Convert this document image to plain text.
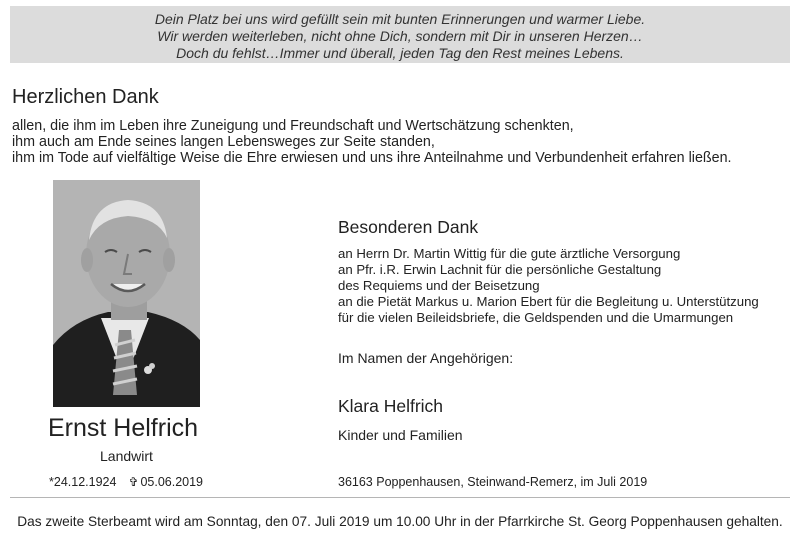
Dein Platz bei uns wird gefüllt sein mit bunten Erinnerungen und warmer Liebe.
Wir werden weiterleben, nicht ohne Dich, sondern mit Dir in unseren Herzen…
Doch du fehlst…Immer und überall, jeden Tag den Rest meines Lebens.
Herzlichen Dank
allen, die ihm im Leben ihre Zuneigung und Freundschaft und Wertschätzung schenkten,
ihm auch am Ende seines langen Lebensweges zur Seite standen,
ihm im Tode auf vielfältige Weise die Ehre erwiesen und uns ihre Anteilnahme und Verbundenheit erfahren ließen.
Ernst Helfrich
Landwirt
*24.12.1924 ✞ 05.06.2019
Besonderen Dank
an Herrn Dr. Martin Wittig für die gute ärztliche Versorgung
an Pfr. i.R. Erwin Lachnit für die persönliche Gestaltung
des Requiems und der Beisetzung
an die Pietät Markus u. Marion Ebert für die Begleitung u. Unterstützung
für die vielen Beileidsbriefe, die Geldspenden und die Umarmungen
Im Namen der Angehörigen:
Klara Helfrich
Kinder und Familien
36163 Poppenhausen, Steinwand-Remerz, im Juli 2019
Das zweite Sterbeamt wird am Sonntag, den 07. Juli 2019 um 10.00 Uhr in der Pfarrkirche St. Georg Poppenhausen gehalten.
